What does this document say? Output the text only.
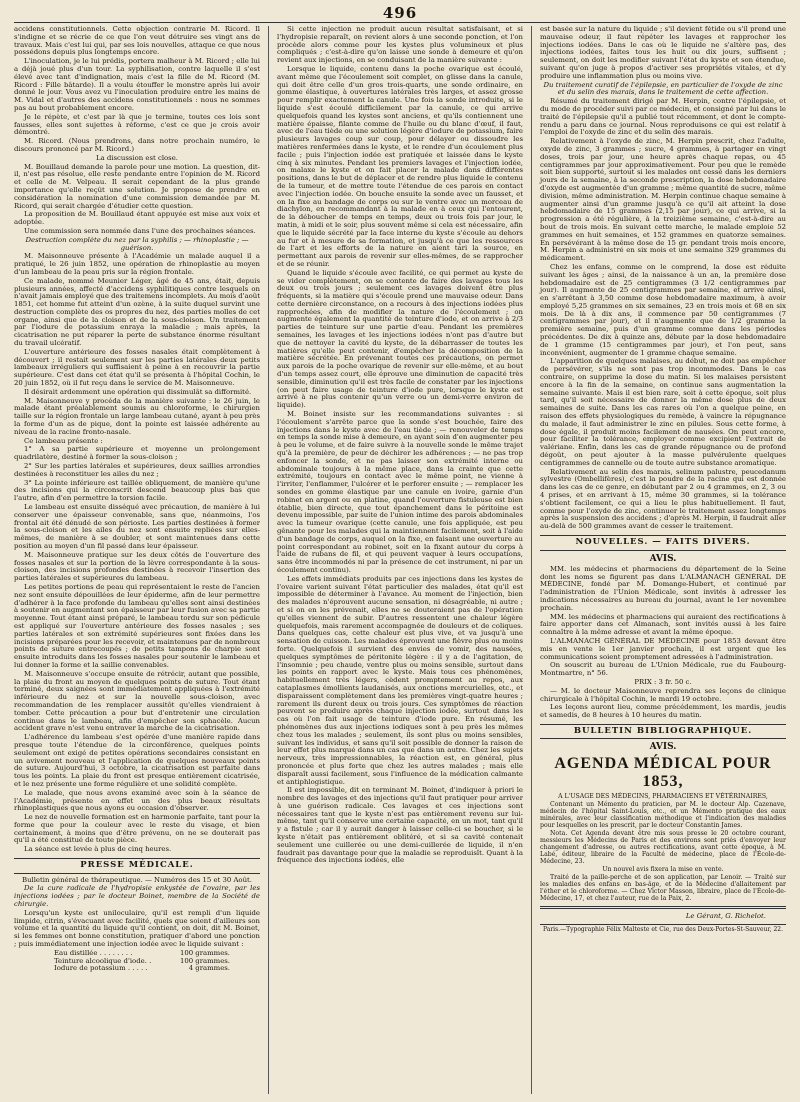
496

accidens constitutionnels. Cette objection contrarie M. Ricord. Il s'indigne et se récrie de ce que l'on veut détruire ses vingt ans de travaux. Mais c'est lui qui, par ses lois nouvelles, attaque ce que nous possédons depuis plus longtemps encore.

L'inoculation, je le lui prédis, portera malheur à M. Ricord ; elle lui a déjà joué plus d'un tour. La syphilisation, contre laquelle il s'est élevé avec tant d'indignation, mais c'est la fille de M. Ricord (M. Ricord : Fille bâtarde). Il a voulu étouffer le monstre après lui avoir donné le jour. Vous avez vu l'inoculation produire entre les mains de M. Vidal et d'autres des accidens constitutionnels : nous ne sommes pas au bout probablement encore.

Je le répète, et c'est par là que je termine, toutes ces lois sont fausses, elles sont sujettes à réforme, c'est ce que je crois avoir démontré.

M. Ricord. (Nous prendrons, dans notre prochain numéro, le discours prononcé par M. Ricord.)

La discussion est close.

M. Bouillaud demande la parole pour une motion. La question, dit-il, n'est pas résolue, elle reste pendante entre l'opinion de M. Ricord et celle de M. Velpeau. Il serait cependant de la plus grande importance qu'elle reçût une solution. Je propose de prendre en considération la nomination d'une commission demandée par M. Ricord, qui serait chargée d'étudier cette question.

La proposition de M. Bouillaud étant appuyée est mise aux voix et adoptée.

Une commission sera nommée dans l'une des prochaines séances.

Destruction complète du nez par la syphilis ; — rhinoplastie ; — guérison.

M. Maisonneuve présente à l'Académie un malade auquel il a pratiqué, le 26 juin 1852, une opération de rhinoplastie au moyen d'un lambeau de la peau pris sur la région frontale.

Ce malade, nommé Meunier Léger, âgé de 45 ans, était, depuis plusieurs années, affecté d'accidens syphilitiques contre lesquels on n'avait jamais employé que des traitemens incomplets. Au mois d'août 1851, cet homme fut atteint d'un ozène, à la suite duquel survint une destruction complète des os propres du nez, des parties molles de cet organe, ainsi que de la cloison et de la sous-cloison. Un traitement par l'iodure de potassium enraya la maladie ; mais après, la cicatrisation ne put réparer la perte de substance énorme résultant du travail ulcératif.

L'ouverture antérieure des fosses nasales était complètement à découvert ; il restait seulement sur les parties latérales deux petits lambeaux irréguliers qui suffisaient à peine à en recouvrir la partie supérieure. C'est dans cet état qu'il se présenta à l'hôpital Cochin, le 20 juin 1852, où il fut reçu dans le service de M. Maisonneuve.

Il désirait ardemment une opération qui dissimulât sa difformité.

M. Maisonneuve y procéda de la manière suivante : le 26 juin, le malade étant préalablement soumis au chloroforme, le chirurgien taille sur la région frontale un large lambeau cutané, ayant à peu près la forme d'un as de pique, dont la pointe est laissée adhérente au niveau de la racine fronto-nasale.

Ce lambeau présente :

1° A sa partie supérieure et moyenne un prolongement quadrilatère, destiné à former la sous-cloison ;

2° Sur les parties latérales et supérieures, deux saillies arrondies destinées à reconstituer les ailes du nez ;

3° La pointe inférieure est taillée obliquement, de manière qu'une des incisions qui la circonscrit descend beaucoup plus bas que l'autre, afin d'en permettre la torsion facile.

Le lambeau est ensuite disséqué avec précaution, de manière à lui conserver une épaisseur convenable, sans que, néanmoins, l'os frontal ait été dénudé de son périoste. Les parties destinées à former la sous-cloison et les ailes du nez sont ensuite repliées sur elles-mêmes, de manière à se doubler, et sont maintenues dans cette position au moyen d'un fil passé dans leur épaisseur.

M. Maisonneuve pratique sur les deux côtés de l'ouverture des fosses nasales et sur la portion de la lèvre correspondante à la sous-cloison, des incisions profondes destinées à recevoir l'insertion des parties latérales et supérieures du lambeau.

Les petites portions de peau qui représentaient le reste de l'ancien nez sont ensuite dépouillées de leur épiderme, afin de leur permettre d'adhérer à la face profonde du lambeau qu'elles sont ainsi destinées à soutenir en augmentant son épaisseur par leur fusion avec sa partie moyenne. Tout étant ainsi préparé, le lambeau tordu sur son pédicule est appliqué sur l'ouverture antérieure des fosses nasales ; ses parties latérales et son extrémité supérieures sont fixées dans les incisions préparées pour les recevoir, et maintenues par de nombreux points de suture entrecoupés ; de petits tampons de charpie sont ensuite introduits dans les fosses nasales pour soutenir le lambeau et lui donner la forme et la saillie convenables.

M. Maisonneuve s'occupe ensuite de rétrécir, autant que possible, la plaie du front au moyen de quelques points de suture. Tout étant terminé, deux saignées sont immédiatement appliquées à l'extrémité inférieure du nez et sur la nouvelle sous-cloison, avec recommandation de les remplacer aussitôt qu'elles viendraient à tomber. Cette précaution a pour but d'entretenir une circulation continue dans le lambeau, afin d'empêcher son sphacèle. Aucun accident grave n'est venu entraver la marche de la cicatrisation.

L'adhérence du lambeau s'est opérée d'une manière rapide dans presque toute l'étendue de la circonférence, quelques points seulement ont exigé de petites opérations secondaires consistant en un avivement nouveau et l'application de quelques nouveaux points de suture. Aujourd'hui, 3 octobre, la cicatrisation est parfaite dans tous les points. La plaie du front est presque entièrement cicatrisée, et le nez présente une forme régulière et une solidité complète.

Le malade, que nous avons examiné avec soin à la séance de l'Académie, présente en effet un des plus beaux résultats rhinoplastiques que nous ayons eu occasion d'observer.

Le nez de nouvelle formation est en harmonie parfaite, tant pour la forme que pour la couleur avec le reste du visage, et bien certainement, à moins que d'être prévenu, on ne se douterait pas qu'il a été constitué de toute pièce.

La séance est levée à plus de cinq heures.

PRESSE MÉDICALE.

Bulletin général de thérapeutique. — Numéros des 15 et 30 Août.

De la cure radicale de l'hydropisie enkystée de l'ovaire, par les injections iodées ; par le docteur Boinet, membre de la Société de chirurgie.

Lorsqu'un kyste est uniloculaire, qu'il est rempli d'un liquide limpide, citrin, s'évacuant avec facilité, quels que soient d'ailleurs son volume et la quantité du liquide qu'il contient, on doit, dit M. Boinet, si les femmes ont bonne constitution, pratiquer d'abord une ponction ; puis immédiatement une injection iodée avec le liquide suivant :

Eau distillée . . . . . . . .	100 grammes.
Teinture alcoolique d'iode. .	100 grammes.
Iodure de potassium . . . . .	4 grammes.

Si cette injection ne produit aucun résultat satisfaisant, et si l'hydropisie reparaît, on revient alors à une seconde ponction, et l'on procède alors comme pour les kystes plus volumineux et plus compliqués ; c'est-à-dire qu'on laisse une sonde à demeure et qu'on revient aux injections, en se conduisant de la manière suivante :

Lorsque le liquide, contenu dans la poche ovarique est écoulé, avant même que l'écoulement soit complet, on glisse dans la canule, qui doit être celle d'un gros trois-quarts, une sonde ordinaire, en gomme élastique, à ouvertures latérales très larges, et assez grosse pour remplir exactement la canule. Une fois la sonde introduite, si le liquide s'est écoulé difficilement par la canule, ce qui arrive quelquefois quand les kystes sont anciens, et qu'ils contiennent une matière épaisse, filante comme de l'huile ou du blanc d'œuf, il faut, avec de l'eau tiède ou une solution légère d'iodure de potassium, faire plusieurs lavages coup sur coup, pour délayer ou dissoudre les matières renfermées dans le kyste, et le rendre d'un écoulement plus facile ; puis l'injection iodée est pratiquée et laissée dans le kyste cinq à six minutes. Pendant les premiers lavages et l'injection iodée, on malaxe le kyste et on fait placer la malade dans différentes positions, dans le but de déplacer et de rendre plus liquide le contenu de la tumeur, et de mettre toute l'étendue de ces parois en contact avec l'injection iodée. On bouche ensuite la sonde avec un fausset, et on la fixe au bandage de corps ou sur le ventre avec un morceau de diachylon, en recommandant à la malade en à ceux qui l'entourent, de la déboucher de temps en temps, deux ou trois fois par jour, le matin, à midi et le soir, plus souvent même si cela est nécessaire, afin que le liquide sécrété par la face interne du kyste s'écoule au dehors au fur et à mesure de sa formation, et jusqu'à ce que les ressources de l'art et les efforts de la nature en aient tari la source, en permettant aux parois de revenir sur elles-mêmes, de se rapprocher et de se réunir.

Quand le liquide s'écoule avec facilité, ce qui permet au kyste de se vider complètement, on se contente de faire des lavages tous les deux ou trois jours ; seulement ces lavages doivent être plus fréquents, si la matière qui s'écoule prend une mauvaise odeur. Dans cette dernière circonstance, on a recours à des injections iodées plus rapprochées, afin de modifier la nature de l'écoulement ; on augmente également la quantité de teinture d'iode, et on arrive à 2/3 parties de teinture sur une partie d'eau. Pendant les premières semaines, les lavages et les injections iodées n'ont pas d'autre but que de nettoyer la cavité du kyste, de la débarrasser de toutes les matières qu'elle peut contenir, d'empêcher la décomposition de la matière sécrétée. En prévenant toutes ces précautions, on permet aux parois de la poche ovarique de revenir sur elle-même, et au bout d'un temps assez court, elle éprouve une diminution de capacité très sensible, diminution qu'il est très facile de constater par les injections (on peut faire usage de teinture d'iode pure, lorsque le kyste est arrivé à ne plus contenir qu'un verre ou un demi-verre environ de liquide).

M. Boinet insiste sur les recommandations suivantes : si l'écoulement s'arrête parce que la sonde s'est bouchée, faire des injections dans le kyste avec de l'eau tiède ; — renouveler de temps en temps la sonde mise à demeure, en ayant soin d'en augmenter peu à peu le volume, et de faire suivre à la nouvelle sonde le même trajet qu'à la première, de peur de déchirer les adhérences ; — ne pas trop enfoncer la sonde, et ne pas laisser son extrémité interne ou abdominale toujours à la même place, dans la crainte que cette extrémité, toujours en contact avec le même point, ne vienne à l'irriter, l'enflammer, l'ulcérer et le perforer ensuite ; — remplacer les sondes en gomme élastique par une canule en ivoire, garnie d'un robinet en argent ou en platine, quand l'ouverture fistuleuse est bien établie, bien directe, que tout épanchement dans le péritoine est devenu impossible, par suite de l'union intime des parois abdominales avec la tumeur ovarique (cette canule, une fois appliquée, est peu gênante pour les malades qui la maintiennent facilement, soit à l'aide d'un bandage de corps, auquel on la fixe, en faisant une ouverture au point correspondant au robinet, soit en la fixant autour du corps à l'aide de rubans de fil, et qui peuvent vaquer à leurs occupations, sans être incommodés ni par la présence de cet instrument, ni par un écoulement continu).

Les effets immédiats produits par ces injections dans les kystes de l'ovaire varient suivant l'état particulier des malades, état qu'il est impossible de déterminer à l'avance. Au moment de l'injection, bien des malades n'éprouvent aucune sensation, ni désagréable, ni autre ; et si on en les prévenait, elles ne se douteraient pas de l'opération qu'elles viennent de subir. D'autres ressentent une chaleur légère quelquefois, mais rarement accompagnée de douleurs et de coliques. Dans quelques cas, cette chaleur est plus vive, et va jusqu'à une sensation de cuisson. Les malades éprouvent une fièvre plus ou moins forte. Quelquefois il survient des envies de vomir, des nausées, quelques symptômes de péritonite légère : il y a de l'agitation, de l'insomnie ; peu chaude, ventre plus ou moins sensible, surtout dans les points en rapport avec le kyste. Mais tous ces phénomènes, habituellement très légers, cèdent promptement au repos, aux cataplasmes émollients laudanisés, aux onctions mercurielles, etc., et disparaissent complètement dans les premières vingt-quatre heures ; rarement ils durent deux ou trois jours. Ces symptômes de réaction peuvent se produire après chaque injection iodée, surtout dans les cas où l'on fait usage de teinture d'iode pure. En résumé, les phénomènes dus aux injections iodiques sont à peu près les mêmes chez tous les malades ; seulement, ils sont plus ou moins sensibles, suivant les individus, et sans qu'il soit possible de donner la raison de leur effet plus marqué dans un cas que dans un autre. Chez les sujets nerveux, très impressionnables, la réaction est, en général, plus prononcée et plus forte que chez les autres malades ; mais elle disparaît aussi facilement, sous l'influence de la médication calmante et antiphlogistique.

Il est impossible, dit en terminant M. Boinet, d'indiquer à priori le nombre des lavages et des injections qu'il faut pratiquer pour arriver à une guérison radicale. Ces lavages et ces injections sont nécessaires tant que le kyste n'est pas entièrement revenu sur lui-même, tant qu'il conserve une certaine capacité, en un mot, tant qu'il y a fistule ; car il y aurait danger à laisser celle-ci se boucher, si le kyste n'était pas entièrement oblitéré, et si sa cavité contenait seulement une cuillerée ou une demi-cuillerée de liquide, il n'en faudrait pas davantage pour que la maladie se reproduisît. Quant à la fréquence des injections iodées, elle

est basée sur la nature du liquide ; s'il devient fétide ou s'il prend une mauvaise odeur, il faut répéter les lavages et rapprocher les injections iodées. Dans le cas où le liquide ne s'altère pas, des injections iodées, faites tous les huit ou dix jours, suffisent ; seulement, on doit les modifier suivant l'état du kyste et son étendue, suivant qu'on juge à propos d'activer ses propriétés vitales, et d'y produire une inflammation plus ou moins vive.

Du traitement curatif de l'épilepsie, en particulier de l'oxyde de zinc et du selin des marais, dans le traitement de cette affection.

Résumé du traitement dirigé par M. Herpin, contre l'épilepsie, et du mode de procéder suivi par ce médecin, et consigné par lui dans le traité de l'épilepsie qu'il a publié tout récemment, et dont le compte-rendu a paru dans ce journal. Nous reproduisons ce qui est relatif à l'emploi de l'oxyde de zinc et du selin des marais.

Relativement à l'oxyde de zinc, M. Herpin prescrit, chez l'adulte, oxyde de zinc, 3 grammes ; sucre, 4 grammes, à partager en vingt doses, trois par jour, une heure après chaque repas, ou 45 centigrammes par jour approximativement. Pour peu que le remède soit bien supporté, surtout si les malades ont cessé dans les derniers jours de la semaine, à la seconde prescription, la dose hebdomadaire d'oxyde est augmentée d'un gramme ; même quantité de sucre, même division, même administration. M. Herpin continue chaque semaine à augmenter ainsi d'un gramme jusqu'à ce qu'il ait atteint la dose hebdomadaire de 15 grammes (2,15 par jour), ce qui arrive, si la progression a été régulière, à la treizième semaine, c'est-à-dire au bout de trois mois. En suivant cette marche, le malade emploie 52 grammes en huit semaines, et 152 grammes en quatorze semaines. En persévérant à la même dose de 15 gr. pendant trois mois encore, M. Herpin a administré en six mois et une semaine 329 grammes du médicament.

Chez les enfans, comme on le comprend, la dose est réduite suivant les âges ; ainsi, de la naissance à un an, la première dose hebdomadaire est de 25 centigrammes (3 1/2 centigrammes par jour). Il augmente de 25 centigrammes par semaine, et arrive ainsi, en s'arrêtant à 3,50 comme dose hebdomadaire maximum, à avoir employé 5,25 grammes en six semaines, 23 en trois mois et 68 en six mois. De là à dix ans, il commence par 50 centigrammes (7 centigrammes par jour), et il n'augmente que de 1/2 gramme la première semaine, puis d'un gramme comme dans les périodes précédentes. De dix à quinze ans, débute par la dose hebdomadaire de 1 gramme (15 centigrammes par jour), et l'on peut, sans inconvénient, augmenter de 1 gramme chaque semaine.

L'apparition de quelques malaises, au début, ne doit pas empêcher de persévérer, s'ils ne sont pas trop incommodes. Dans le cas contraire, on supprime la dose du matin. Si les malaises persistent encore à la fin de la semaine, on continue sans augmentation la semaine suivante. Mais il est bien rare, soit à cette époque, soit plus tard, qu'il soit nécessaire de donner la même dose plus de deux semaines de suite. Dans les cas rares où l'on a quelque peine, en raison des effets physiologiques du remède, à vaincre la répugnance du malade, il faut administrer le zinc en pilules. Sous cette forme, à dose égale, il produit moins facilement de nausées. On peut encore, pour faciliter la tolérance, employer comme excipient l'extrait de valériane. Enfin, dans les cas de grande répugnance ou de profond dégoût, on peut ajouter à la masse pulvérulente quelques centigrammes de cannelle ou de toute autre substance aromatique.

Relativement au selin des marais, selinum palustre, peucedanum sylvestre (Ombellifères), c'est la poudre de la racine qui est donnée dans les cas de ce genre, en débutant par 2 ou 4 grammes, en 2, 3 ou 4 prises, et en arrivant à 15, même 30 grammes, si la tolérance s'obtient facilement, ce qui a lieu le plus habituellement. Il faut, comme pour l'oxyde de zinc, continuer le traitement assez longtemps après la suspension des accidens ; d'après M. Herpin, il faudrait aller au-delà de 500 grammes avant de cesser le traitement.

NOUVELLES. — FAITS DIVERS.
AVIS.

MM. les médecins et pharmaciens du département de la Seine dont les noms se figurent pas dans L'ALMANACH GÉNÉRAL DE MÉDECINE, fondé par M. Domange-Hubert, et continué par l'administration de l'Union Médicale, sont invités à adresser les indications nécessaires au bureau du journal, avant le 1er novembre prochain.

MM. les médecins et pharmaciens qui auraient des rectifications à faire apporter dans cet Almanach, sont invités aussi à les faire connaître à la même adresse et avant la même époque.

L'ALMANACH GÉNÉRAL DE MÉDECINE pour 1853 devant être mis en vente le 1er janvier prochain, il est urgent que les communications soient promptement adressées à l'administration.

On souscrit au bureau de L'Union Médicale, rue du Faubourg-Montmartre, n° 56.

PRIX : 3 fr. 50 c.

— M. le docteur Maisonneuve reprendra ses leçons de clinique chirurgicale à l'hôpital Cochin, le mardi 19 octobre.

Les leçons auront lieu, comme précédemment, les mardis, jeudis et samedis, de 8 heures à 10 heures du matin.

BULLETIN BIBLIOGRAPHIQUE.
AVIS.
AGENDA MÉDICAL POUR 1853,

A L'USAGE DES MÉDECINS, PHARMACIENS ET VÉTÉRINAIRES,

Contenant un Mémento du praticien, par M. le docteur Alp. Cazenave, médecin de l'hôpital Saint-Louis, etc., et un Mémento pratique des eaux minérales, avec leur classification méthodique et l'indication des maladies pour lesquelles on les prescrit, par le docteur Constantin James.

Nota. Cet Agenda devant être mis sous presse le 20 octobre courant, messieurs les Médecins de Paris et des environs sont priés d'envoyer leur changement d'adresse, ou autres rectifications, avant cette époque, à M. Labé, éditeur, libraire de la Faculté de médecine, place de l'École-de-Médecine, 23.

Un nouvel avis fixera la mise en vente.

Traité de la paille-perche et de son application, par Lenoir. — Traité sur les maladies des enfans en bas-âge, et de la Médecine d'allaitement par l'éther et le chloroforme. — Chez Victor Masson, libraire, place de l'École-de-Médecine, 17, et chez l'auteur, rue de la Paix, 2.

Le Gérant, G. Richelot.

Paris.—Typographie Félix Malteste et Cie, rue des Deux-Portes-St-Sauveur, 22.
